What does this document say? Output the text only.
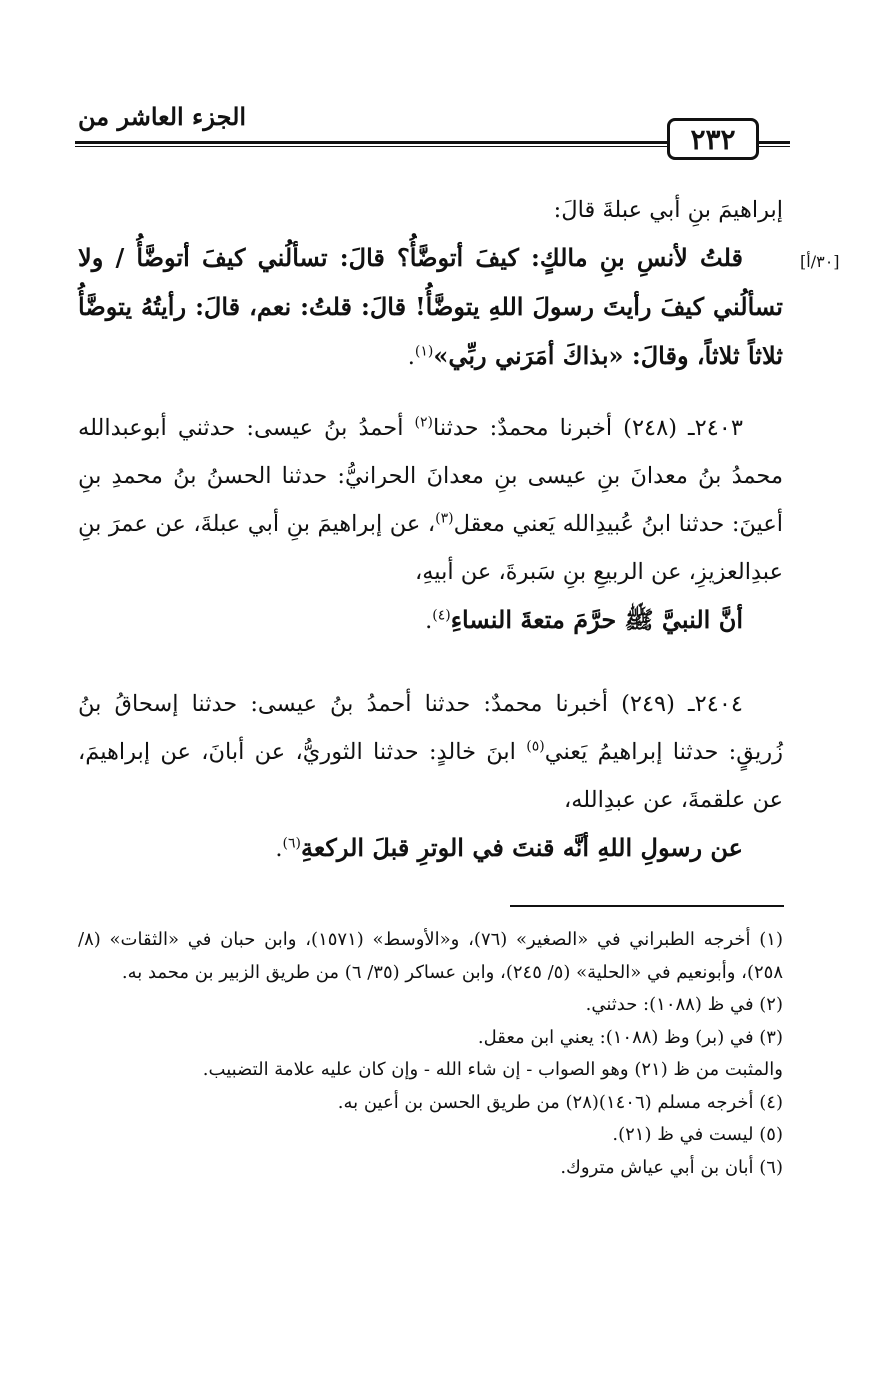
الجزء العاشر من
٢٣٢
[٣٠/أ]

إبراهيمَ بنِ أبي عبلةَ قالَ:

قلتُ لأنسِ بنِ مالكٍ: كيفَ أتوضَّأُ؟ قالَ: تسألُني كيفَ أتوضَّأُ / ولا تسألُني كيفَ رأيتَ رسولَ اللهِ يتوضَّأُ! قالَ: قلتُ: نعم، قالَ: رأيتُهُ يتوضَّأُ ثلاثاً ثلاثاً، وقالَ: «بذاكَ أمَرَني ربِّي»$^{(١)}$.

٢٤٠٣ـ (٢٤٨) أخبرنا محمدٌ: حدثنا$^{(٢)}$ أحمدُ بنُ عيسى: حدثني أبوعبدالله محمدُ بنُ معدانَ بنِ عيسى بنِ معدانَ الحرانيُّ: حدثنا الحسنُ بنُ محمدِ بنِ أعينَ: حدثنا ابنُ عُبيدِالله يَعني معقل$^{(٣)}$، عن إبراهيمَ بنِ أبي عبلةَ، عن عمرَ بنِ عبدِالعزيزِ، عن الربيعِ بنِ سَبرةَ، عن أبيهِ،

أنَّ النبيَّ ﷺ حرَّمَ متعةَ النساءِ$^{(٤)}$.

٢٤٠٤ـ (٢٤٩) أخبرنا محمدٌ: حدثنا أحمدُ بنُ عيسى: حدثنا إسحاقُ بنُ زُريقٍ: حدثنا إبراهيمُ يَعني$^{(٥)}$ ابنَ خالدٍ: حدثنا الثوريُّ، عن أبانَ، عن إبراهيمَ، عن علقمةَ، عن عبدِالله،

عن رسولِ اللهِ أنَّه قنتَ في الوترِ قبلَ الركعةِ$^{(٦)}$.

(١) أخرجه الطبراني في «الصغير» (٧٦)، و«الأوسط» (١٥٧١)، وابن حبان في «الثقات» (٨/ ٢٥٨)، وأبونعيم في «الحلية» (٥/ ٢٤٥)، وابن عساكر (٣٥/ ٦) من طريق الزبير بن محمد به.

(٢) في ظ (١٠٨٨): حدثني.

(٣) في (بر) وظ (١٠٨٨): يعني ابن معقل.

والمثبت من ظ (٢١) وهو الصواب - إن شاء الله - وإن كان عليه علامة التضبيب.

(٤) أخرجه مسلم (١٤٠٦)(٢٨) من طريق الحسن بن أعين به.

(٥) ليست في ظ (٢١).

(٦) أبان بن أبي عياش متروك.
